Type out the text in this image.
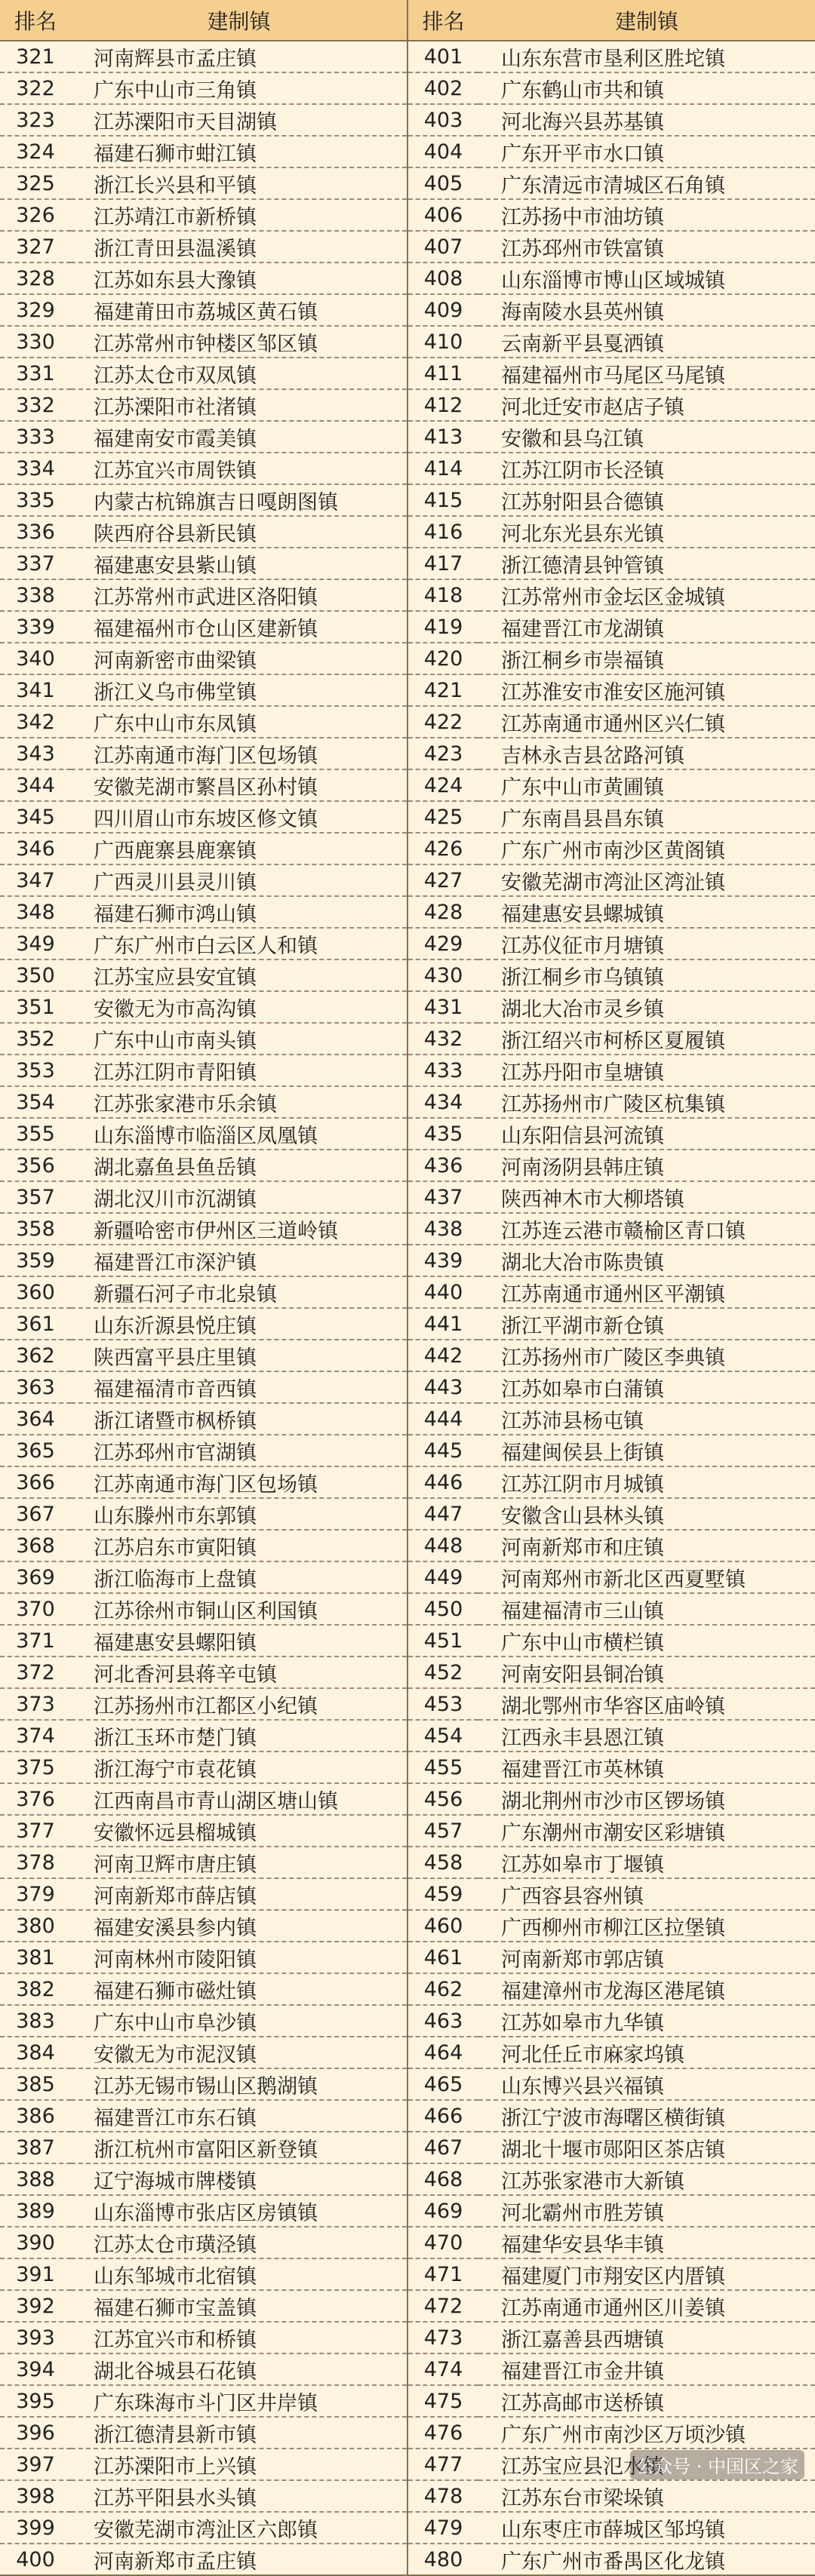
排名	建制镇	排名	建制镇
321	河南辉县市孟庄镇	401	山东东营市垦利区胜坨镇
322	广东中山市三角镇	402	广东鹤山市共和镇
323	江苏溧阳市天目湖镇	403	河北海兴县苏基镇
324	福建石狮市蚶江镇	404	广东开平市水口镇
325	浙江长兴县和平镇	405	广东清远市清城区石角镇
326	江苏靖江市新桥镇	406	江苏扬中市油坊镇
327	浙江青田县温溪镇	407	江苏邳州市铁富镇
328	江苏如东县大豫镇	408	山东淄博市博山区域城镇
329	福建莆田市荔城区黄石镇	409	海南陵水县英州镇
330	江苏常州市钟楼区邹区镇	410	云南新平县戛洒镇
331	江苏太仓市双凤镇	411	福建福州市马尾区马尾镇
332	江苏溧阳市社渚镇	412	河北迁安市赵店子镇
333	福建南安市霞美镇	413	安徽和县乌江镇
334	江苏宜兴市周铁镇	414	江苏江阴市长泾镇
335	内蒙古杭锦旗吉日嘎朗图镇	415	江苏射阳县合德镇
336	陕西府谷县新民镇	416	河北东光县东光镇
337	福建惠安县紫山镇	417	浙江德清县钟管镇
338	江苏常州市武进区洛阳镇	418	江苏常州市金坛区金城镇
339	福建福州市仓山区建新镇	419	福建晋江市龙湖镇
340	河南新密市曲梁镇	420	浙江桐乡市崇福镇
341	浙江义乌市佛堂镇	421	江苏淮安市淮安区施河镇
342	广东中山市东凤镇	422	江苏南通市通州区兴仁镇
343	江苏南通市海门区包场镇	423	吉林永吉县岔路河镇
344	安徽芜湖市繁昌区孙村镇	424	广东中山市黄圃镇
345	四川眉山市东坡区修文镇	425	广东南昌县昌东镇
346	广西鹿寨县鹿寨镇	426	广东广州市南沙区黄阁镇
347	广西灵川县灵川镇	427	安徽芜湖市湾沚区湾沚镇
348	福建石狮市鸿山镇	428	福建惠安县螺城镇
349	广东广州市白云区人和镇	429	江苏仪征市月塘镇
350	江苏宝应县安宜镇	430	浙江桐乡市乌镇镇
351	安徽无为市高沟镇	431	湖北大冶市灵乡镇
352	广东中山市南头镇	432	浙江绍兴市柯桥区夏履镇
353	江苏江阴市青阳镇	433	江苏丹阳市皇塘镇
354	江苏张家港市乐余镇	434	江苏扬州市广陵区杭集镇
355	山东淄博市临淄区凤凰镇	435	山东阳信县河流镇
356	湖北嘉鱼县鱼岳镇	436	河南汤阴县韩庄镇
357	湖北汉川市沉湖镇	437	陕西神木市大柳塔镇
358	新疆哈密市伊州区三道岭镇	438	江苏连云港市赣榆区青口镇
359	福建晋江市深沪镇	439	湖北大冶市陈贵镇
360	新疆石河子市北泉镇	440	江苏南通市通州区平潮镇
361	山东沂源县悦庄镇	441	浙江平湖市新仓镇
362	陕西富平县庄里镇	442	江苏扬州市广陵区李典镇
363	福建福清市音西镇	443	江苏如皋市白蒲镇
364	浙江诸暨市枫桥镇	444	江苏沛县杨屯镇
365	江苏邳州市官湖镇	445	福建闽侯县上街镇
366	江苏南通市海门区包场镇	446	江苏江阴市月城镇
367	山东滕州市东郭镇	447	安徽含山县林头镇
368	江苏启东市寅阳镇	448	河南新郑市和庄镇
369	浙江临海市上盘镇	449	河南郑州市新北区西夏墅镇
370	江苏徐州市铜山区利国镇	450	福建福清市三山镇
371	福建惠安县螺阳镇	451	广东中山市横栏镇
372	河北香河县蒋辛屯镇	452	河南安阳县铜冶镇
373	江苏扬州市江都区小纪镇	453	湖北鄂州市华容区庙岭镇
374	浙江玉环市楚门镇	454	江西永丰县恩江镇
375	浙江海宁市袁花镇	455	福建晋江市英林镇
376	江西南昌市青山湖区塘山镇	456	湖北荆州市沙市区锣场镇
377	安徽怀远县榴城镇	457	广东潮州市潮安区彩塘镇
378	河南卫辉市唐庄镇	458	江苏如皋市丁堰镇
379	河南新郑市薛店镇	459	广西容县容州镇
380	福建安溪县参内镇	460	广西柳州市柳江区拉堡镇
381	河南林州市陵阳镇	461	河南新郑市郭店镇
382	福建石狮市磁灶镇	462	福建漳州市龙海区港尾镇
383	广东中山市阜沙镇	463	江苏如皋市九华镇
384	安徽无为市泥汊镇	464	河北任丘市麻家坞镇
385	江苏无锡市锡山区鹅湖镇	465	山东博兴县兴福镇
386	福建晋江市东石镇	466	浙江宁波市海曙区横街镇
387	浙江杭州市富阳区新登镇	467	湖北十堰市郧阳区茶店镇
388	辽宁海城市牌楼镇	468	江苏张家港市大新镇
389	山东淄博市张店区房镇镇	469	河北霸州市胜芳镇
390	江苏太仓市璜泾镇	470	福建华安县华丰镇
391	山东邹城市北宿镇	471	福建厦门市翔安区内厝镇
392	福建石狮市宝盖镇	472	江苏南通市通州区川姜镇
393	江苏宜兴市和桥镇	473	浙江嘉善县西塘镇
394	湖北谷城县石花镇	474	福建晋江市金井镇
395	广东珠海市斗门区井岸镇	475	江苏高邮市送桥镇
396	浙江德清县新市镇	476	广东广州市南沙区万顷沙镇
397	江苏溧阳市上兴镇	477	江苏宝应县氾水镇
398	江苏平阳县水头镇	478	江苏东台市梁垛镇
399	安徽芜湖市湾沚区六郎镇	479	山东枣庄市薛城区邹坞镇
400	河南新郑市孟庄镇	480	广东广州市番禺区化龙镇
公众号 · 中国区之家
